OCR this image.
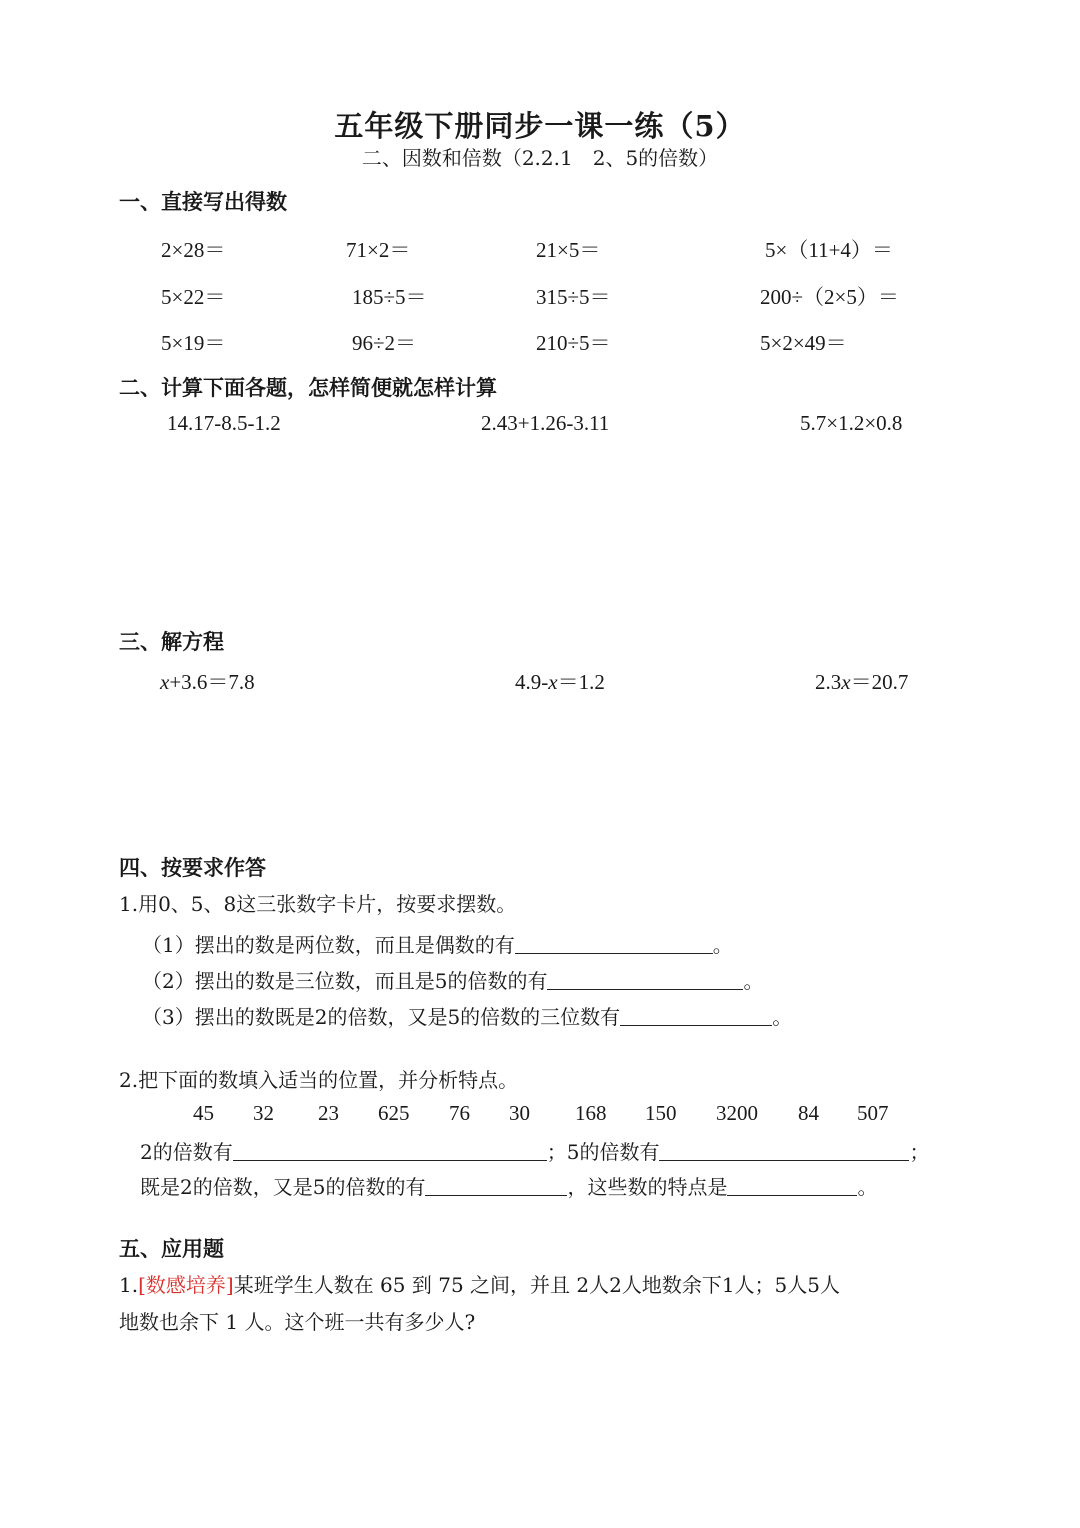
五年级下册同步一课一练（5）
二、因数和倍数（2.2.1　2、5的倍数）
一、直接写出得数
2×28＝	71×2＝	21×5＝	5×（11+4）＝
5×22＝	185÷5＝	315÷5＝	200÷（2×5）＝
5×19＝	96÷2＝	210÷5＝	5×2×49＝
二、计算下面各题，怎样简便就怎样计算
14.17-8.5-1.2	2.43+1.26-3.11	5.7×1.2×0.8
三、解方程
x+3.6＝7.8	4.9-x＝1.2	2.3x＝20.7
四、按要求作答
1.用0、5、8这三张数字卡片，按要求摆数。
（1）摆出的数是两位数，而且是偶数的有	。
（2）摆出的数是三位数，而且是5的倍数的有	。
（3）摆出的数既是2的倍数，又是5的倍数的三位数有	。
2.把下面的数填入适当的位置，并分析特点。
45 32 23 625 76 30 168 150 3200 84 507
2的倍数有	；5的倍数有	；
既是2的倍数，又是5的倍数的有	，这些数的特点是	。
五、应用题
1.[数感培养]某班学生人数在 65 到 75 之间，并且 2人2人地数余下1人；5人5人
地数也余下 1 人。这个班一共有多少人?
